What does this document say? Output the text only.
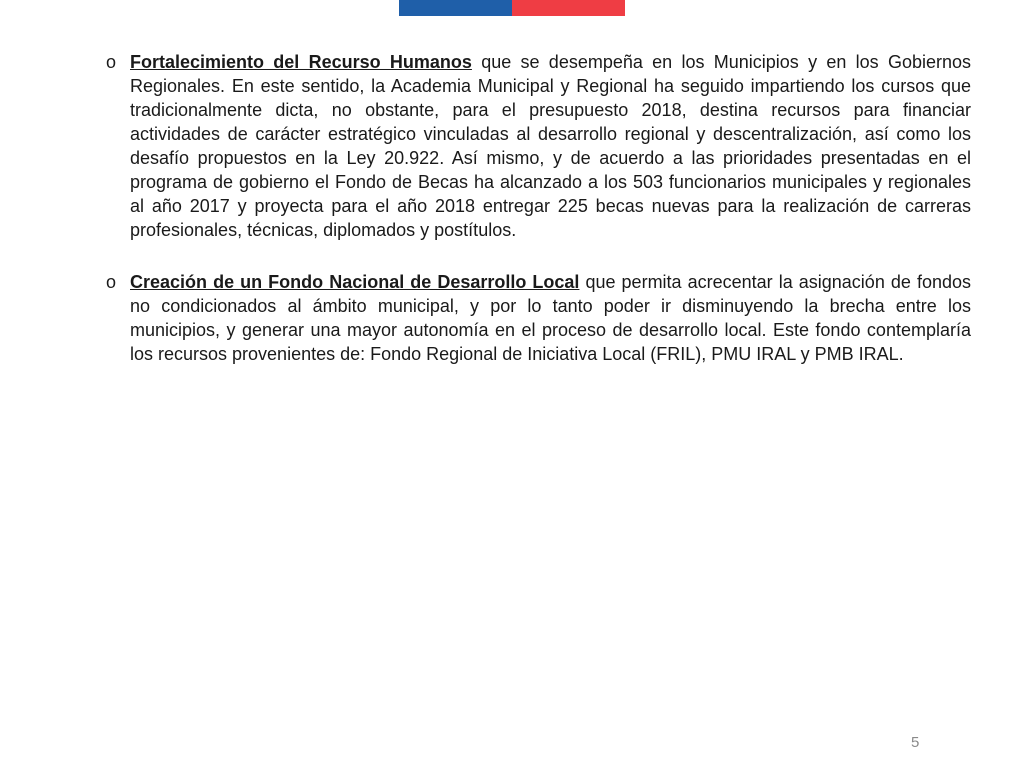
o Fortalecimiento del Recurso Humanos que se desempeña en los Municipios y en los Gobiernos Regionales. En este sentido, la Academia Municipal y Regional ha seguido impartiendo los cursos que tradicionalmente dicta, no obstante, para el presupuesto 2018, destina recursos para financiar actividades de carácter estratégico vinculadas al desarrollo regional y descentralización, así como los desafío propuestos en la Ley 20.922. Así mismo, y de acuerdo a las prioridades presentadas en el programa de gobierno el Fondo de Becas ha alcanzado a los 503 funcionarios municipales y regionales al año 2017 y proyecta para el año 2018 entregar 225 becas nuevas para la realización de carreras profesionales, técnicas, diplomados y postítulos.

o Creación de un Fondo Nacional de Desarrollo Local que permita acrecentar la asignación de fondos no condicionados al ámbito municipal, y por lo tanto poder ir disminuyendo la brecha entre los municipios, y generar una mayor autonomía en el proceso de desarrollo local. Este fondo contemplaría los recursos provenientes de: Fondo Regional de Iniciativa Local (FRIL), PMU IRAL y PMB IRAL.

5
